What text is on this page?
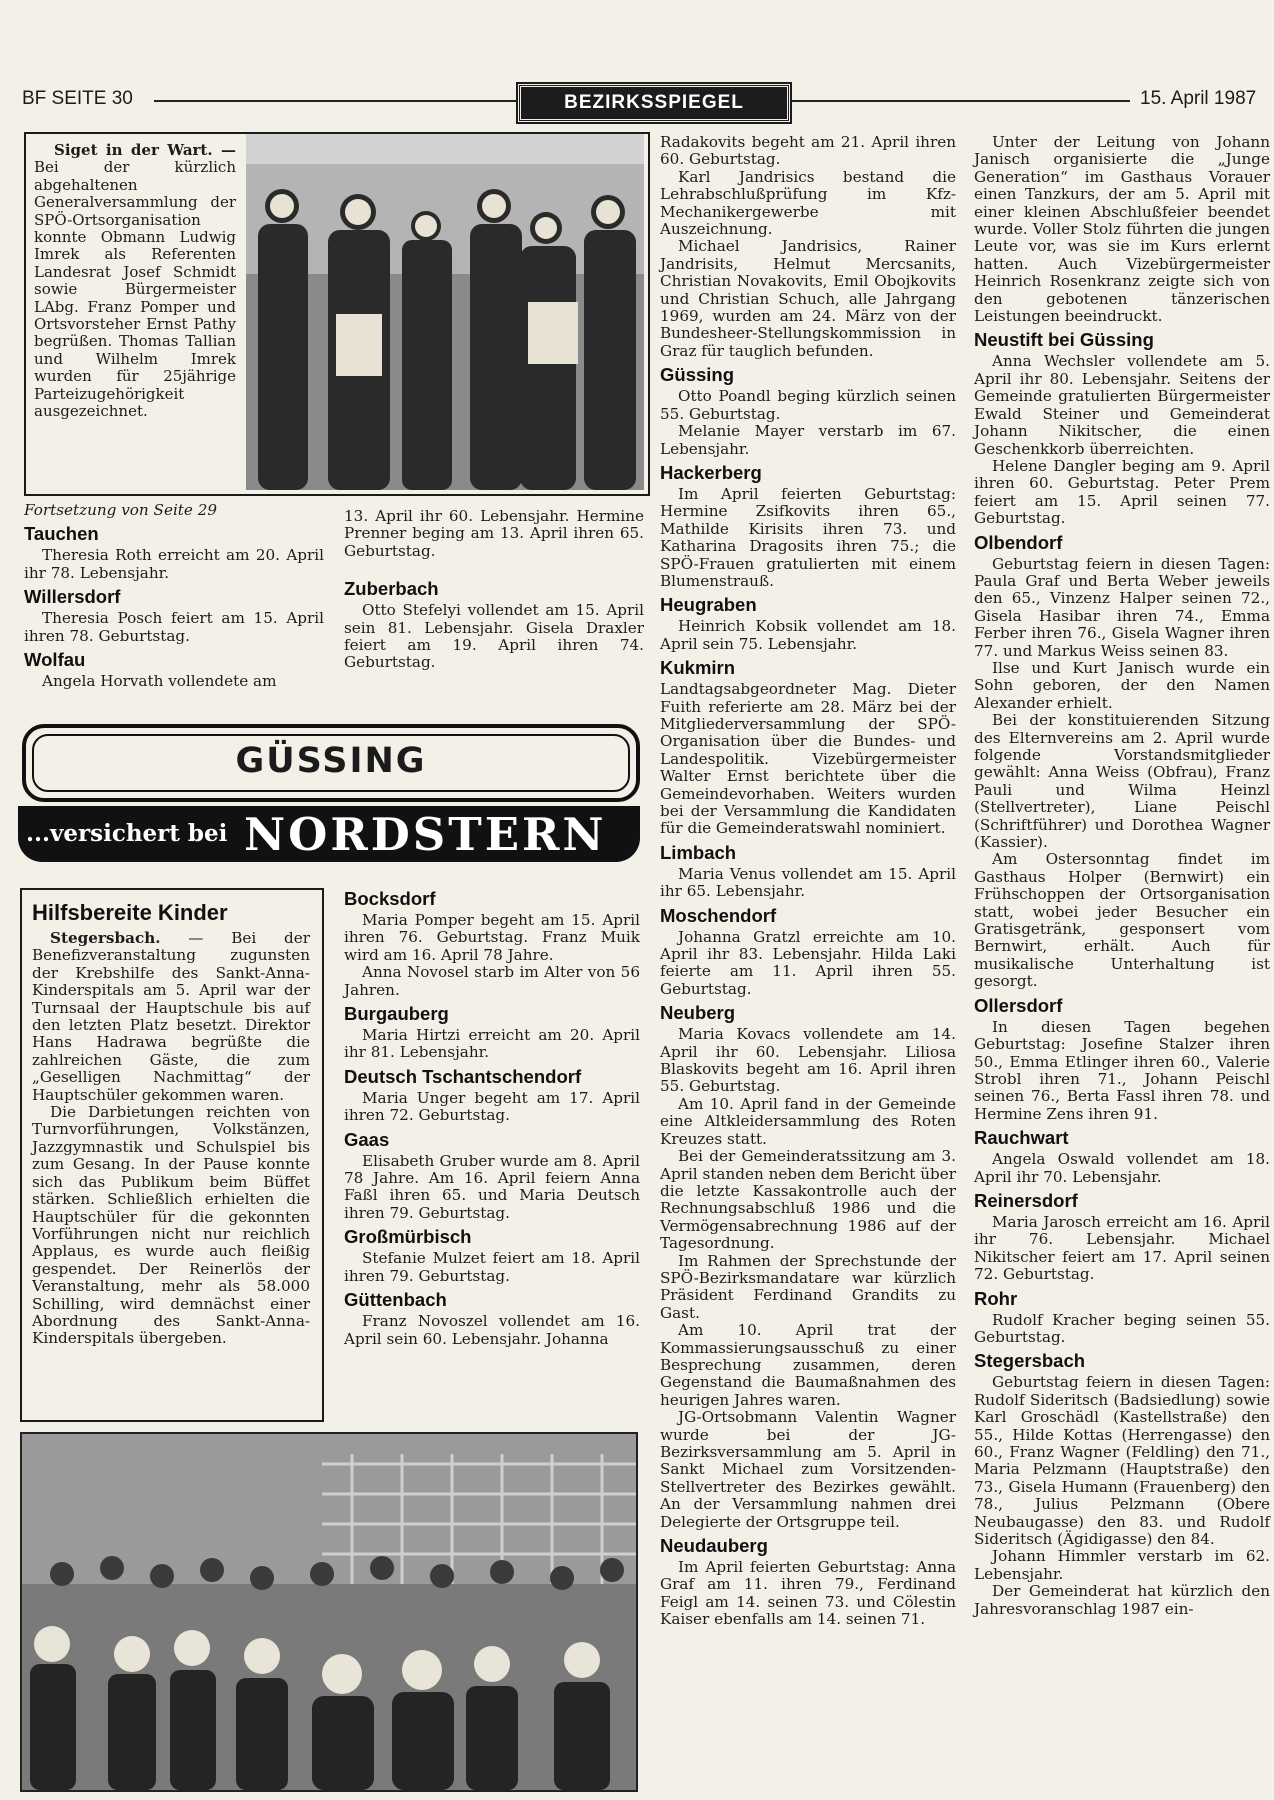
BF SEITE 30	BEZIRKSSPIEGEL	15. April 1987

Siget in der Wart. — Bei der kürzlich abgehaltenen Generalversammlung der SPÖ-Ortsorganisation konnte Obmann Ludwig Imrek als Referenten Landesrat Josef Schmidt sowie Bürgermeister LAbg. Franz Pomper und Ortsvorsteher Ernst Pathy begrüßen. Thomas Tallian und Wilhelm Imrek wurden für 25jährige Parteizugehörigkeit ausgezeichnet.

Fortsetzung von Seite 29

Tauchen

Theresia Roth erreicht am 20. April ihr 78. Lebensjahr.

Willersdorf

Theresia Posch feiert am 15. April ihren 78. Geburtstag.

Wolfau

Angela Horvath vollendete am

13. April ihr 60. Lebensjahr. Hermine Prenner beging am 13. April ihren 65. Geburtstag.

Zuberbach

Otto Stefelyi vollendet am 15. April sein 81. Lebensjahr. Gisela Draxler feiert am 19. April ihren 74. Geburtstag.

GÜSSING
...versichert bei NORDSTERN
Hilfsbereite Kinder

Stegersbach. — Bei der Benefizveranstaltung zugunsten der Krebshilfe des Sankt-Anna-Kinderspitals am 5. April war der Turnsaal der Hauptschule bis auf den letzten Platz besetzt. Direktor Hans Hadrawa begrüßte die zahlreichen Gäste, die zum „Geselligen Nachmittag“ der Hauptschüler gekommen waren.

Die Darbietungen reichten von Turnvorführungen, Volkstänzen, Jazzgymnastik und Schulspiel bis zum Gesang. In der Pause konnte sich das Publikum beim Büffet stärken. Schließlich erhielten die Hauptschüler für die gekonnten Vorführungen nicht nur reichlich Applaus, es wurde auch fleißig gespendet. Der Reinerlös der Veranstaltung, mehr als 58.000 Schilling, wird demnächst einer Abordnung des Sankt-Anna-Kinderspitals übergeben.

Bocksdorf

Maria Pomper begeht am 15. April ihren 76. Geburtstag. Franz Muik wird am 16. April 78 Jahre.

Anna Novosel starb im Alter von 56 Jahren.

Burgauberg

Maria Hirtzi erreicht am 20. April ihr 81. Lebensjahr.

Deutsch Tschantschendorf

Maria Unger begeht am 17. April ihren 72. Geburtstag.

Gaas

Elisabeth Gruber wurde am 8. April 78 Jahre. Am 16. April feiern Anna Faßl ihren 65. und Maria Deutsch ihren 79. Geburtstag.

Großmürbisch

Stefanie Mulzet feiert am 18. April ihren 79. Geburtstag.

Güttenbach

Franz Novoszel vollendet am 16. April sein 60. Lebensjahr. Johanna

Radakovits begeht am 21. April ihren 60. Geburtstag.

Karl Jandrisics bestand die Lehrabschlußprüfung im Kfz-Mechanikergewerbe mit Auszeichnung.

Michael Jandrisics, Rainer Jandrisits, Helmut Mercsanits, Christian Novakovits, Emil Obojkovits und Christian Schuch, alle Jahrgang 1969, wurden am 24. März von der Bundesheer-Stellungskommission in Graz für tauglich befunden.

Güssing

Otto Poandl beging kürzlich seinen 55. Geburtstag.

Melanie Mayer verstarb im 67. Lebensjahr.

Hackerberg

Im April feierten Geburtstag: Hermine Zsifkovits ihren 65., Mathilde Kirisits ihren 73. und Katharina Dragosits ihren 75.; die SPÖ-Frauen gratulierten mit einem Blumenstrauß.

Heugraben

Heinrich Kobsik vollendet am 18. April sein 75. Lebensjahr.

Kukmirn

Landtagsabgeordneter Mag. Dieter Fuith referierte am 28. März bei der Mitgliederversammlung der SPÖ-Organisation über die Bundes- und Landespolitik. Vizebürgermeister Walter Ernst berichtete über die Gemeindevorhaben. Weiters wurden bei der Versammlung die Kandidaten für die Gemeinderatswahl nominiert.

Limbach

Maria Venus vollendet am 15. April ihr 65. Lebensjahr.

Moschendorf

Johanna Gratzl erreichte am 10. April ihr 83. Lebensjahr. Hilda Laki feierte am 11. April ihren 55. Geburtstag.

Neuberg

Maria Kovacs vollendete am 14. April ihr 60. Lebensjahr. Liliosa Blaskovits begeht am 16. April ihren 55. Geburtstag.

Am 10. April fand in der Gemeinde eine Altkleidersammlung des Roten Kreuzes statt.

Bei der Gemeinderatssitzung am 3. April standen neben dem Bericht über die letzte Kassakontrolle auch der Rechnungsabschluß 1986 und die Vermögensabrechnung 1986 auf der Tagesordnung.

Im Rahmen der Sprechstunde der SPÖ-Bezirksmandatare war kürzlich Präsident Ferdinand Grandits zu Gast.

Am 10. April trat der Kommassierungsausschuß zu einer Besprechung zusammen, deren Gegenstand die Baumaßnahmen des heurigen Jahres waren.

JG-Ortsobmann Valentin Wagner wurde bei der JG-Bezirksversammlung am 5. April in Sankt Michael zum Vorsitzenden-Stellvertreter des Bezirkes gewählt. An der Versammlung nahmen drei Delegierte der Ortsgruppe teil.

Neudauberg

Im April feierten Geburtstag: Anna Graf am 11. ihren 79., Ferdinand Feigl am 14. seinen 73. und Cölestin Kaiser ebenfalls am 14. seinen 71.

Unter der Leitung von Johann Janisch organisierte die „Junge Generation“ im Gasthaus Vorauer einen Tanzkurs, der am 5. April mit einer kleinen Abschlußfeier beendet wurde. Voller Stolz führten die jungen Leute vor, was sie im Kurs erlernt hatten. Auch Vizebürgermeister Heinrich Rosenkranz zeigte sich von den gebotenen tänzerischen Leistungen beeindruckt.

Neustift bei Güssing

Anna Wechsler vollendete am 5. April ihr 80. Lebensjahr. Seitens der Gemeinde gratulierten Bürgermeister Ewald Steiner und Gemeinderat Johann Nikitscher, die einen Geschenkkorb überreichten.

Helene Dangler beging am 9. April ihren 60. Geburtstag. Peter Prem feiert am 15. April seinen 77. Geburtstag.

Olbendorf

Geburtstag feiern in diesen Tagen: Paula Graf und Berta Weber jeweils den 65., Vinzenz Halper seinen 72., Gisela Hasibar ihren 74., Emma Ferber ihren 76., Gisela Wagner ihren 77. und Markus Weiss seinen 83.

Ilse und Kurt Janisch wurde ein Sohn geboren, der den Namen Alexander erhielt.

Bei der konstituierenden Sitzung des Elternvereins am 2. April wurde folgende Vorstandsmitglieder gewählt: Anna Weiss (Obfrau), Franz Pauli und Wilma Heinzl (Stellvertreter), Liane Peischl (Schriftführer) und Dorothea Wagner (Kassier).

Am Ostersonntag findet im Gasthaus Holper (Bernwirt) ein Frühschoppen der Ortsorganisation statt, wobei jeder Besucher ein Gratisgetränk, gesponsert vom Bernwirt, erhält. Auch für musikalische Unterhaltung ist gesorgt.

Ollersdorf

In diesen Tagen begehen Geburtstag: Josefine Stalzer ihren 50., Emma Etlinger ihren 60., Valerie Strobl ihren 71., Johann Peischl seinen 76., Berta Fassl ihren 78. und Hermine Zens ihren 91.

Rauchwart

Angela Oswald vollendet am 18. April ihr 70. Lebensjahr.

Reinersdorf

Maria Jarosch erreicht am 16. April ihr 76. Lebensjahr. Michael Nikitscher feiert am 17. April seinen 72. Geburtstag.

Rohr

Rudolf Kracher beging seinen 55. Geburtstag.

Stegersbach

Geburtstag feiern in diesen Tagen: Rudolf Sideritsch (Badsiedlung) sowie Karl Groschädl (Kastellstraße) den 55., Hilde Kottas (Herrengasse) den 60., Franz Wagner (Feldling) den 71., Maria Pelzmann (Hauptstraße) den 73., Gisela Humann (Frauenberg) den 78., Julius Pelzmann (Obere Neubaugasse) den 83. und Rudolf Sideritsch (Ägidigasse) den 84.

Johann Himmler verstarb im 62. Lebensjahr.

Der Gemeinderat hat kürzlich den Jahresvoranschlag 1987 ein-
